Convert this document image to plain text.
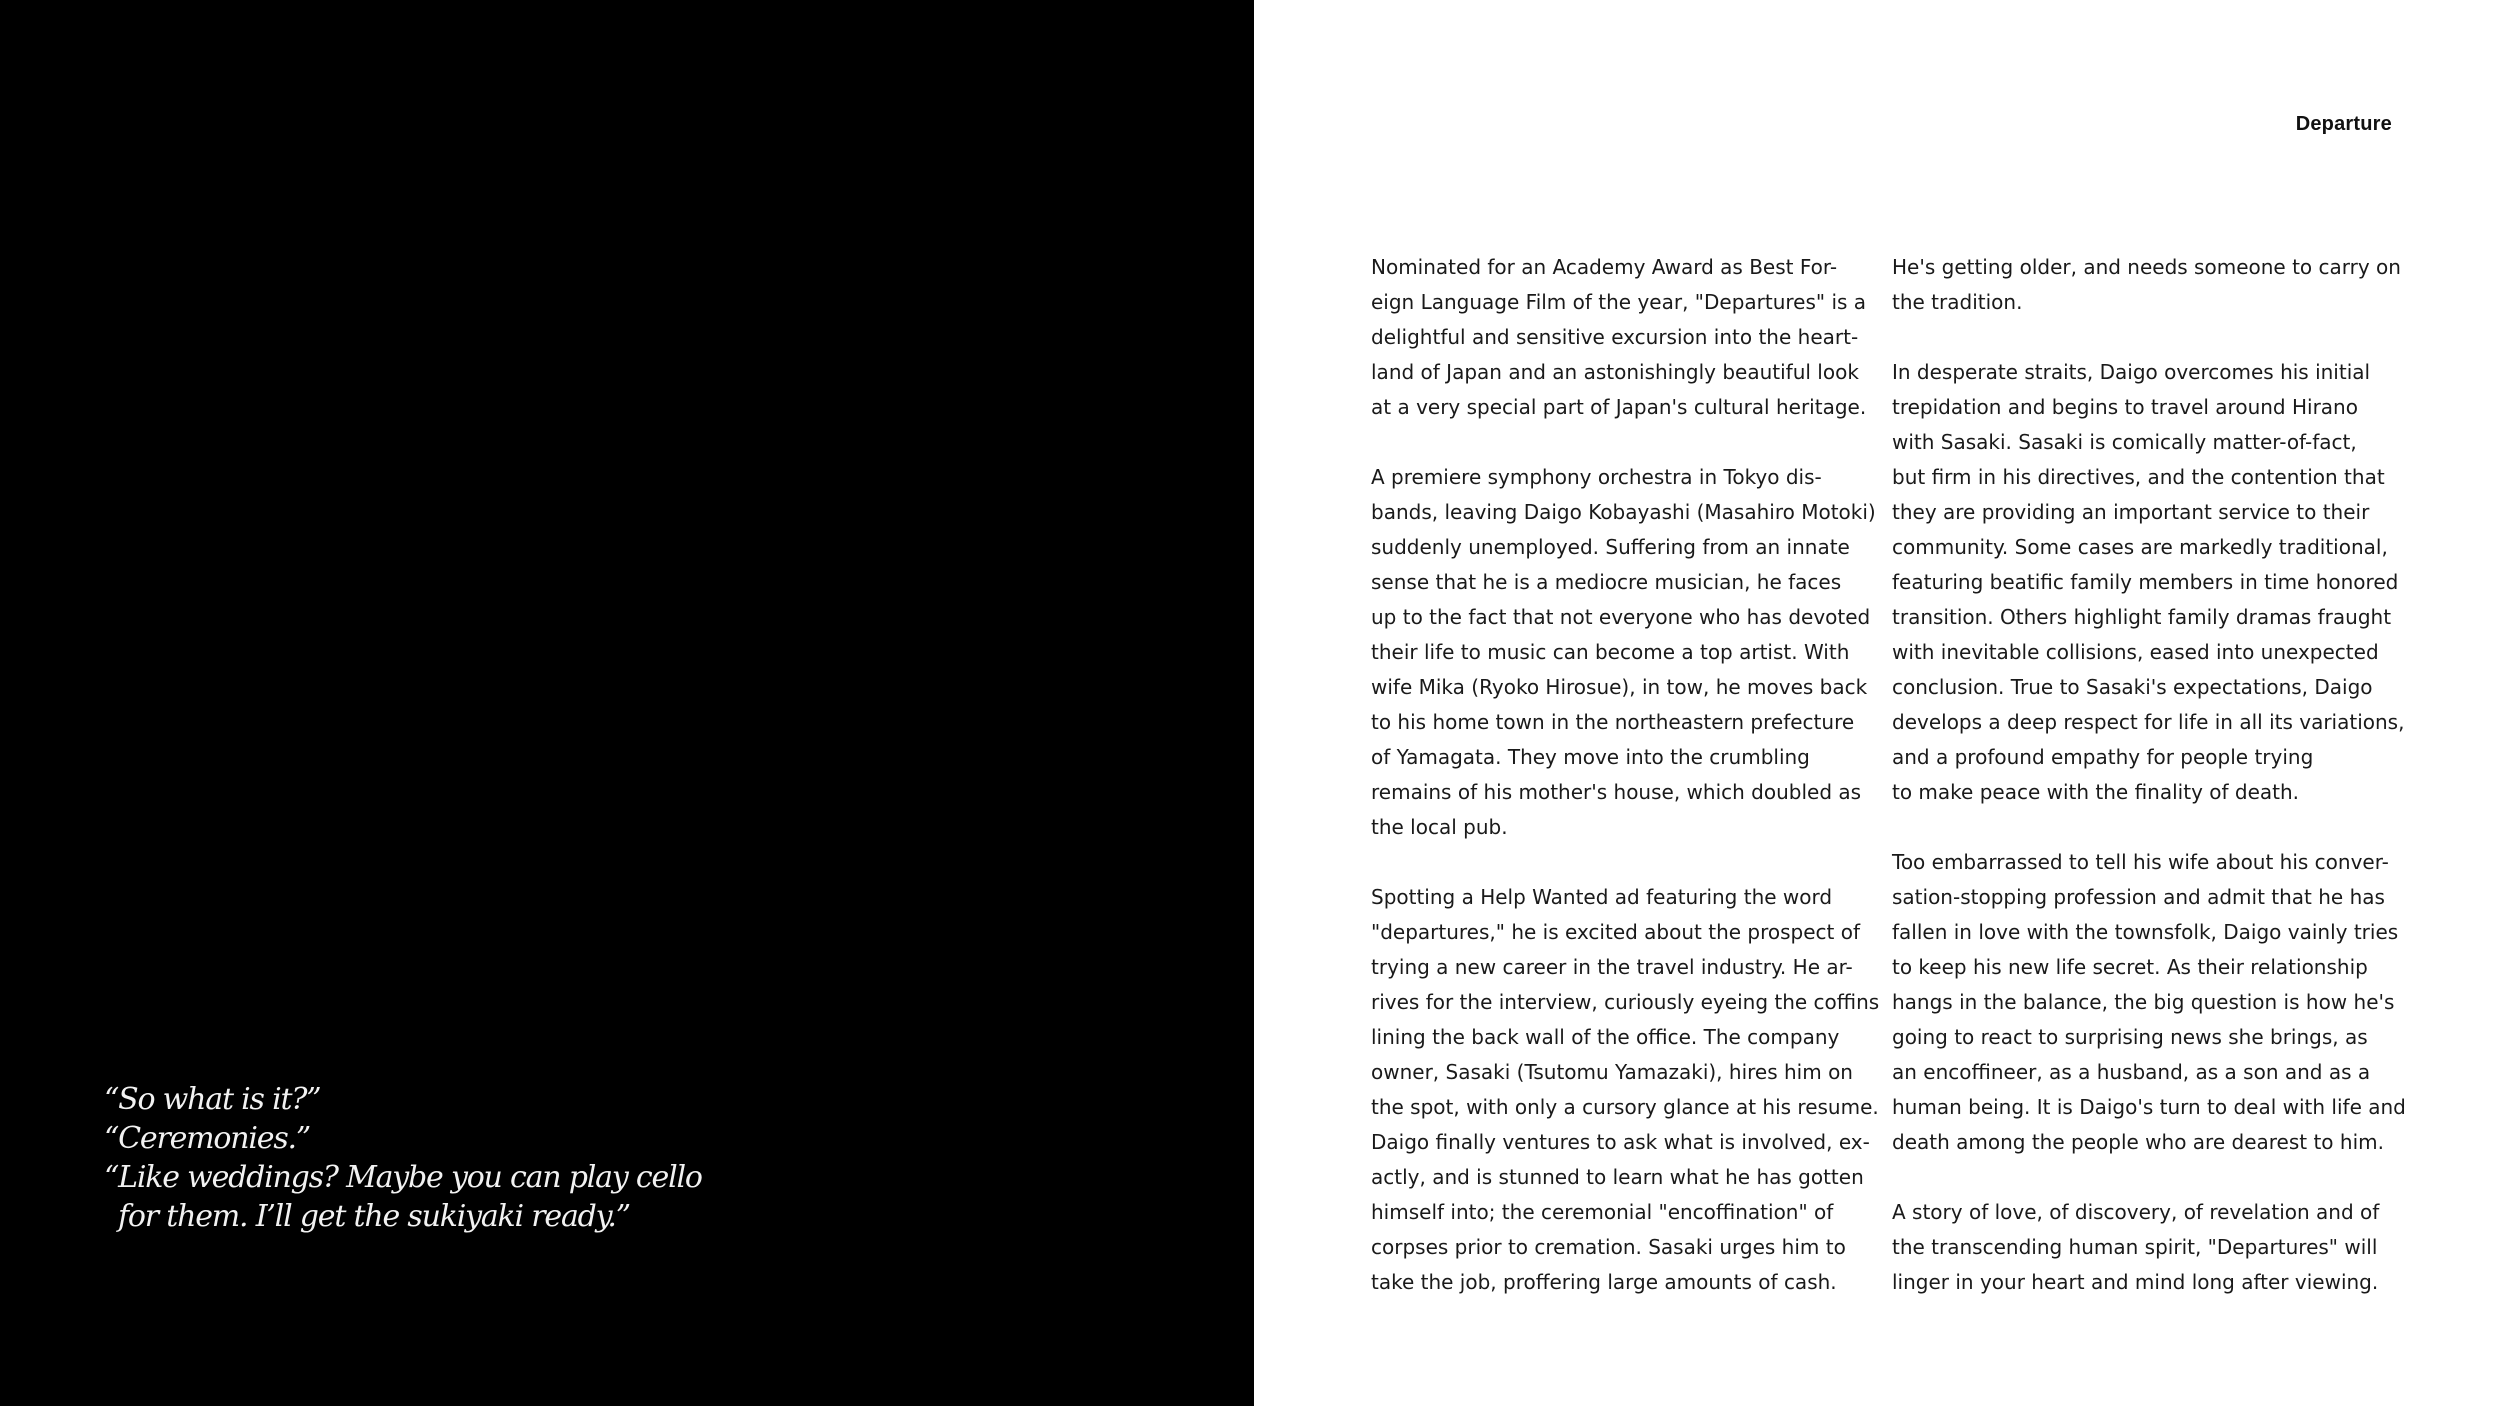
“So what is it?”
“Ceremonies.”
“Like weddings? Maybe you can play cello
for them. I’ll get the sukiyaki ready.”
Departure

Nominated for an Academy Award as Best For-
eign Language Film of the year, "Departures" is a
delightful and sensitive excursion into the heart-
land of Japan and an astonishingly beautiful look
at a very special part of Japan's cultural heritage.

A premiere symphony orchestra in Tokyo dis-
bands, leaving Daigo Kobayashi (Masahiro Motoki)
suddenly unemployed. Suffering from an innate
sense that he is a mediocre musician, he faces
up to the fact that not everyone who has devoted
their life to music can become a top artist. With
wife Mika (Ryoko Hirosue), in tow, he moves back
to his home town in the northeastern prefecture
of Yamagata. They move into the crumbling
remains of his mother's house, which doubled as
the local pub.

Spotting a Help Wanted ad featuring the word
"departures," he is excited about the prospect of
trying a new career in the travel industry. He ar-
rives for the interview, curiously eyeing the coffins
lining the back wall of the office. The company
owner, Sasaki (Tsutomu Yamazaki), hires him on
the spot, with only a cursory glance at his resume.
Daigo finally ventures to ask what is involved, ex-
actly, and is stunned to learn what he has gotten
himself into; the ceremonial "encoffination" of
corpses prior to cremation. Sasaki urges him to
take the job, proffering large amounts of cash.

He's getting older, and needs someone to carry on
the tradition.

In desperate straits, Daigo overcomes his initial
trepidation and begins to travel around Hirano
with Sasaki. Sasaki is comically matter-of-fact,
but firm in his directives, and the contention that
they are providing an important service to their
community. Some cases are markedly traditional,
featuring beatific family members in time honored
transition. Others highlight family dramas fraught
with inevitable collisions, eased into unexpected
conclusion. True to Sasaki's expectations, Daigo
develops a deep respect for life in all its variations,
and a profound empathy for people trying
to make peace with the finality of death.

Too embarrassed to tell his wife about his conver-
sation-stopping profession and admit that he has
fallen in love with the townsfolk, Daigo vainly tries
to keep his new life secret. As their relationship
hangs in the balance, the big question is how he's
going to react to surprising news she brings, as
an encoffineer, as a husband, as a son and as a
human being. It is Daigo's turn to deal with life and
death among the people who are dearest to him.

A story of love, of discovery, of revelation and of
the transcending human spirit, "Departures" will
linger in your heart and mind long after viewing.
